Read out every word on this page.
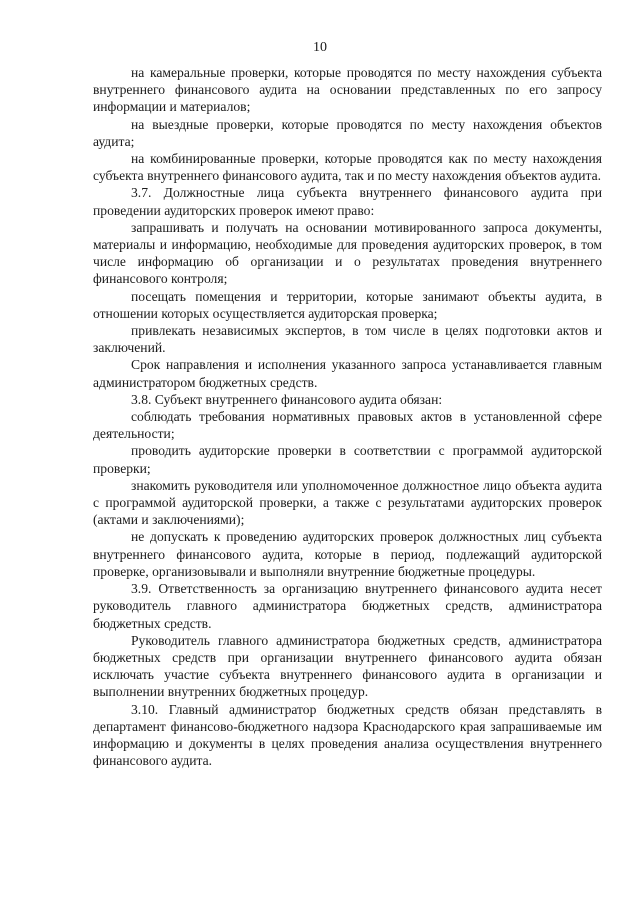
10

на камеральные проверки, которые проводятся по месту нахождения субъекта внутреннего финансового аудита на основании представленных по его запросу информации и материалов;

на выездные проверки, которые проводятся по месту нахождения объектов аудита;

на комбинированные проверки, которые проводятся как по месту нахождения субъекта внутреннего финансового аудита, так и по месту нахождения объектов аудита.

3.7. Должностные лица субъекта внутреннего финансового аудита при проведении аудиторских проверок имеют право:

запрашивать и получать на основании мотивированного запроса документы, материалы и информацию, необходимые для проведения аудиторских проверок, в том числе информацию об организации и о результатах проведения внутреннего финансового контроля;

посещать помещения и территории, которые занимают объекты аудита, в отношении которых осуществляется аудиторская проверка;

привлекать независимых экспертов, в том числе в целях подготовки актов и заключений.

Срок направления и исполнения указанного запроса устанавливается главным администратором бюджетных средств.

3.8. Субъект внутреннего финансового аудита обязан:

соблюдать требования нормативных правовых актов в установленной сфере деятельности;

проводить аудиторские проверки в соответствии с программой аудиторской проверки;

знакомить руководителя или уполномоченное должностное лицо объекта аудита с программой аудиторской проверки, а также с результатами аудиторских проверок (актами и заключениями);

не допускать к проведению аудиторских проверок должностных лиц субъекта внутреннего финансового аудита, которые в период, подлежащий аудиторской проверке, организовывали и выполняли внутренние бюджетные процедуры.

3.9. Ответственность за организацию внутреннего финансового аудита несет руководитель главного администратора бюджетных средств, администратора бюджетных средств.

Руководитель главного администратора бюджетных средств, администратора бюджетных средств при организации внутреннего финансового аудита обязан исключать участие субъекта внутреннего финансового аудита в организации и выполнении внутренних бюджетных процедур.

3.10. Главный администратор бюджетных средств обязан представлять в департамент финансово-бюджетного надзора Краснодарского края запрашиваемые им информацию и документы в целях проведения анализа осуществления внутреннего финансового аудита.
